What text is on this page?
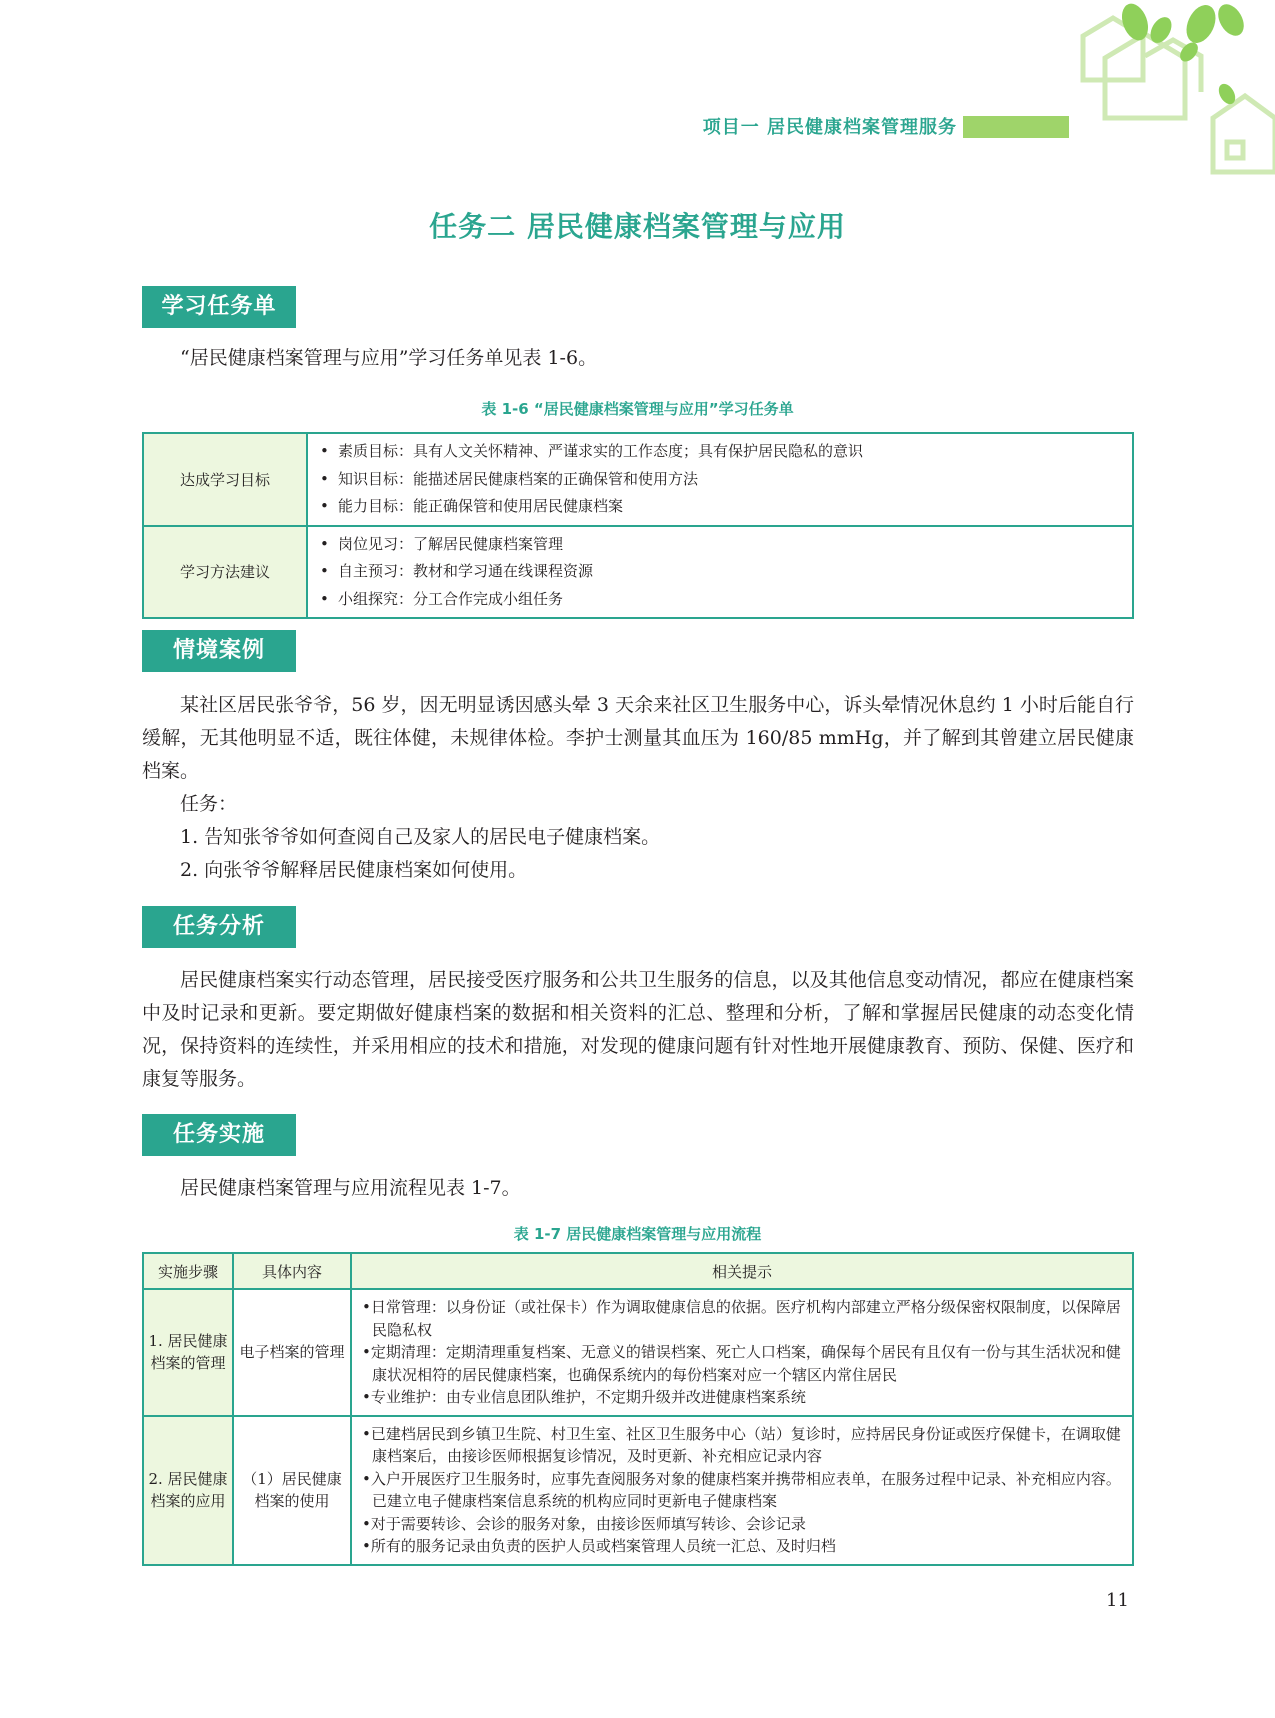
项目一 居民健康档案管理服务
任务二 居民健康档案管理与应用
学习任务单
“居民健康档案管理与应用”学习任务单见表 1-6。
表 1-6 “居民健康档案管理与应用”学习任务单
达成学习目标	• 素质目标：具有人文关怀精神、严谨求实的工作态度；具有保护居民隐私的意识
• 知识目标：能描述居民健康档案的正确保管和使用方法
• 能力目标：能正确保管和使用居民健康档案

学习方法建议	• 岗位见习：了解居民健康档案管理
• 自主预习：教材和学习通在线课程资源
• 小组探究：分工合作完成小组任务
情境案例
某社区居民张爷爷，56 岁，因无明显诱因感头晕 3 天余来社区卫生服务中心，诉头晕情况休息约 1 小时后能自行缓解，无其他明显不适，既往体健，未规律体检。李护士测量其血压为 160/85 mmHg，并了解到其曾建立居民健康档案。
任务：
1. 告知张爷爷如何查阅自己及家人的居民电子健康档案。
2. 向张爷爷解释居民健康档案如何使用。
任务分析
居民健康档案实行动态管理，居民接受医疗服务和公共卫生服务的信息，以及其他信息变动情况，都应在健康档案中及时记录和更新。要定期做好健康档案的数据和相关资料的汇总、整理和分析，了解和掌握居民健康的动态变化情况，保持资料的连续性，并采用相应的技术和措施，对发现的健康问题有针对性地开展健康教育、预防、保健、医疗和康复等服务。
任务实施
居民健康档案管理与应用流程见表 1-7。
表 1-7 居民健康档案管理与应用流程
实施步骤	具体内容	相关提示
1. 居民健康档案的管理	电子档案的管理	•日常管理：以身份证（或社保卡）作为调取健康信息的依据。医疗机构内部建立严格分级保密权限制度，以保障居民隐私权
•定期清理：定期清理重复档案、无意义的错误档案、死亡人口档案，确保每个居民有且仅有一份与其生活状况和健康状况相符的居民健康档案，也确保系统内的每份档案对应一个辖区内常住居民
•专业维护：由专业信息团队维护，不定期升级并改进健康档案系统

2. 居民健康档案的应用	（1）居民健康档案的使用	•已建档居民到乡镇卫生院、村卫生室、社区卫生服务中心（站）复诊时，应持居民身份证或医疗保健卡，在调取健康档案后，由接诊医师根据复诊情况，及时更新、补充相应记录内容
•入户开展医疗卫生服务时，应事先查阅服务对象的健康档案并携带相应表单，在服务过程中记录、补充相应内容。已建立电子健康档案信息系统的机构应同时更新电子健康档案
•对于需要转诊、会诊的服务对象，由接诊医师填写转诊、会诊记录
•所有的服务记录由负责的医护人员或档案管理人员统一汇总、及时归档
11
